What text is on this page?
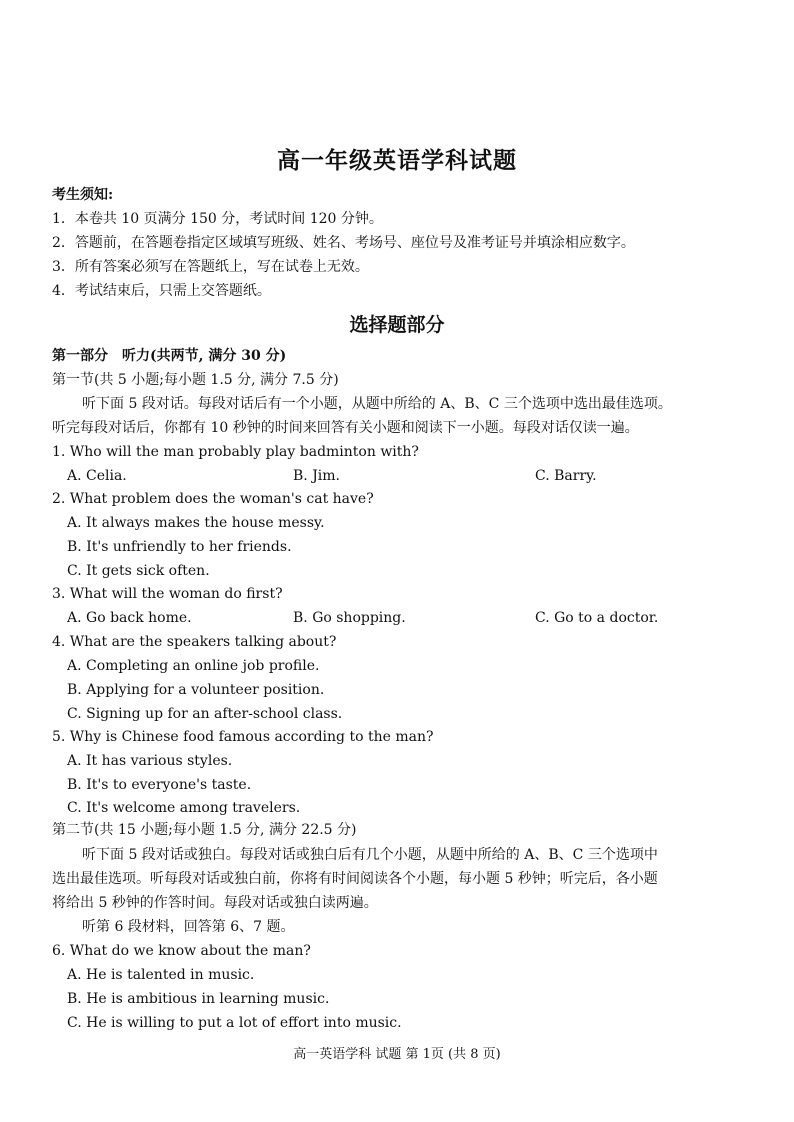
高一年级英语学科试题
考生须知:
1．本卷共 10 页满分 150 分，考试时间 120 分钟。
2．答题前，在答题卷指定区域填写班级、姓名、考场号、座位号及准考证号并填涂相应数字。
3．所有答案必须写在答题纸上，写在试卷上无效。
4．考试结束后，只需上交答题纸。
选择题部分
第一部分　听力(共两节, 满分 30 分)
第一节(共 5 小题;每小题 1.5 分, 满分 7.5 分)
听下面 5 段对话。每段对话后有一个小题，从题中所给的 A、B、C 三个选项中选出最佳选项。
听完每段对话后，你都有 10 秒钟的时间来回答有关小题和阅读下一小题。每段对话仅读一遍。
1. Who will the man probably play badminton with?
A. Celia.	B. Jim.	C. Barry.
2. What problem does the woman's cat have?
A. It always makes the house messy.
B. It's unfriendly to her friends.
C. It gets sick often.
3. What will the woman do first?
A. Go back home.	B. Go shopping.	C. Go to a doctor.
4. What are the speakers talking about?
A. Completing an online job profile.
B. Applying for a volunteer position.
C. Signing up for an after-school class.
5. Why is Chinese food famous according to the man?
A. It has various styles.
B. It's to everyone's taste.
C. It's welcome among travelers.
第二节(共 15 小题;每小题 1.5 分, 满分 22.5 分)
听下面 5 段对话或独白。每段对话或独白后有几个小题，从题中所给的 A、B、C 三个选项中
选出最佳选项。听每段对话或独白前，你将有时间阅读各个小题，每小题 5 秒钟；听完后，各小题
将给出 5 秒钟的作答时间。每段对话或独白读两遍。
听第 6 段材料，回答第 6、7 题。
6. What do we know about the man?
A. He is talented in music.
B. He is ambitious in learning music.
C. He is willing to put a lot of effort into music.
高一英语学科 试题 第 1页 (共 8 页)
